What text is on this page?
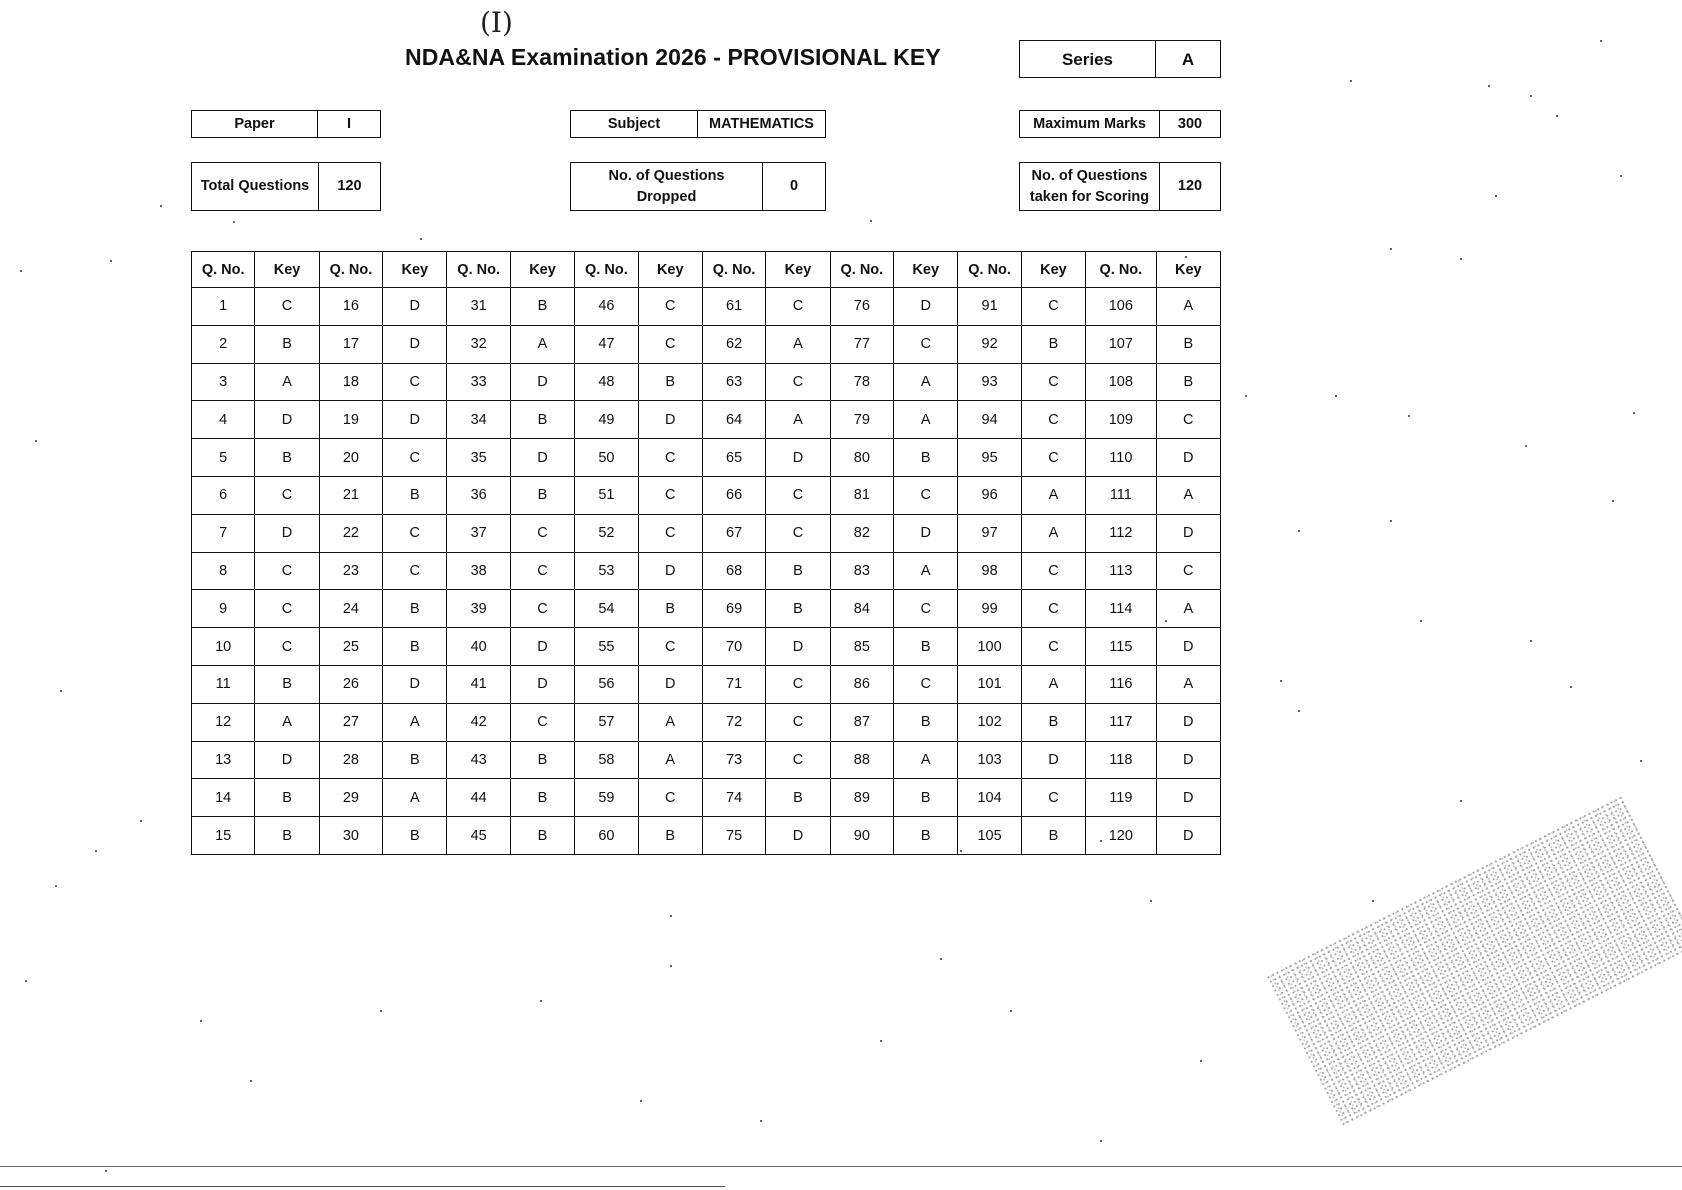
(I)
NDA&NA Examination 2026 - PROVISIONAL KEY	Series	A
Paper	I	Subject	MATHEMATICS	Maximum Marks	300
Total Questions	120
No. of Questions
Dropped
0
No. of Questions
taken for Scoring
120
Q. No.	Key	Q. No.	Key	Q. No.	Key	Q. No.	Key	Q. No.	Key	Q. No.	Key	Q. No.	Key	Q. No.	Key
1	C	16	D	31	B	46	C	61	C	76	D	91	C	106	A
2	B	17	D	32	A	47	C	62	A	77	C	92	B	107	B
3	A	18	C	33	D	48	B	63	C	78	A	93	C	108	B
4	D	19	D	34	B	49	D	64	A	79	A	94	C	109	C
5	B	20	C	35	D	50	C	65	D	80	B	95	C	110	D
6	C	21	B	36	B	51	C	66	C	81	C	96	A	111	A
7	D	22	C	37	C	52	C	67	C	82	D	97	A	112	D
8	C	23	C	38	C	53	D	68	B	83	A	98	C	113	C
9	C	24	B	39	C	54	B	69	B	84	C	99	C	114	A
10	C	25	B	40	D	55	C	70	D	85	B	100	C	115	D
11	B	26	D	41	D	56	D	71	C	86	C	101	A	116	A
12	A	27	A	42	C	57	A	72	C	87	B	102	B	117	D
13	D	28	B	43	B	58	A	73	C	88	A	103	D	118	D
14	B	29	A	44	B	59	C	74	B	89	B	104	C	119	D
15	B	30	B	45	B	60	B	75	D	90	B	105	B	120	D
